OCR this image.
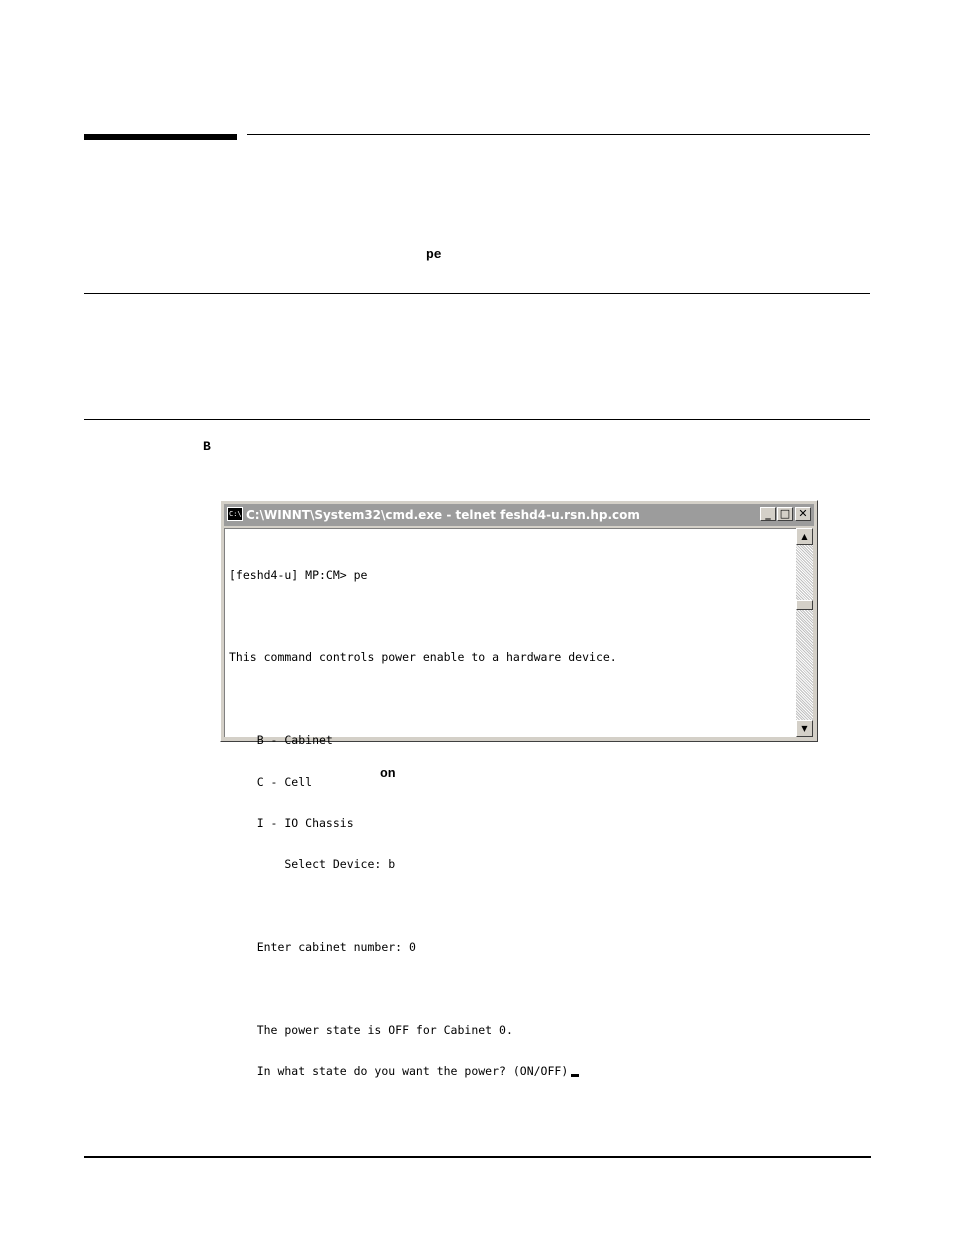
pe
B
C:\ C:\WINNT\System32\cmd.exe - telnet feshd4-u.rsn.hp.com	_ □ ✕

[feshd4-u] MP:CM> pe

This command controls power enable to a hardware device.

B - Cabinet

C - Cell

I - IO Chassis

Select Device: b

Enter cabinet number: 0

The power state is OFF for Cabinet 0.

In what state do you want the power? (ON/OFF)

▲
▼
on
